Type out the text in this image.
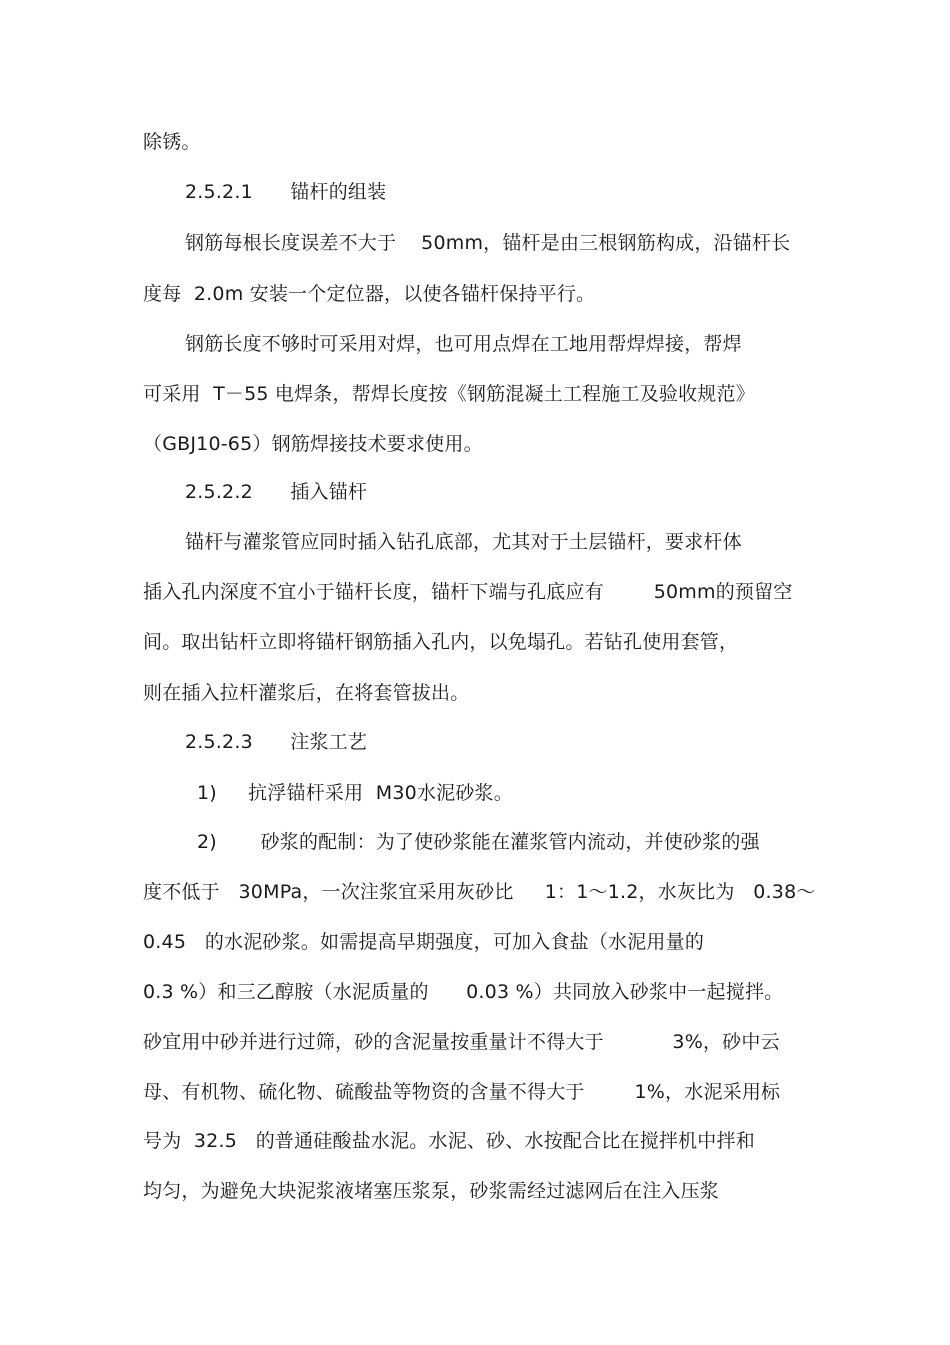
除锈。
2.5.2.1      锚杆的组装
钢筋每根长度误差不大于    50mm，锚杆是由三根钢筋构成，沿锚杆长
度每  2.0m 安装一个定位器，以使各锚杆保持平行。
钢筋长度不够时可采用对焊，也可用点焊在工地用帮焊焊接，帮焊
可采用  T－55 电焊条，帮焊长度按《钢筋混凝土工程施工及验收规范》
（GBJ10-65）钢筋焊接技术要求使用。
2.5.2.2      插入锚杆
锚杆与灌浆管应同时插入钻孔底部，尤其对于土层锚杆，要求杆体
插入孔内深度不宜小于锚杆长度，锚杆下端与孔底应有        50mm的预留空
间。取出钻杆立即将锚杆钢筋插入孔内，以免塌孔。若钻孔使用套管，
则在插入拉杆灌浆后，在将套管拔出。
2.5.2.3      注浆工艺
1)     抗浮锚杆采用  M30水泥砂浆。
2)       砂浆的配制：为了使砂浆能在灌浆管内流动，并使砂浆的强
度不低于   30MPa，一次注浆宜采用灰砂比     1：1～1.2，水灰比为   0.38～
0.45   的水泥砂浆。如需提高早期强度，可加入食盐（水泥用量的
0.3 %）和三乙醇胺（水泥质量的      0.03 %）共同放入砂浆中一起搅拌。
砂宜用中砂并进行过筛，砂的含泥量按重量计不得大于           3%，砂中云
母、有机物、硫化物、硫酸盐等物资的含量不得大于        1%，水泥采用标
号为  32.5   的普通硅酸盐水泥。水泥、砂、水按配合比在搅拌机中拌和
均匀，为避免大块泥浆液堵塞压浆泵，砂浆需经过滤网后在注入压浆
